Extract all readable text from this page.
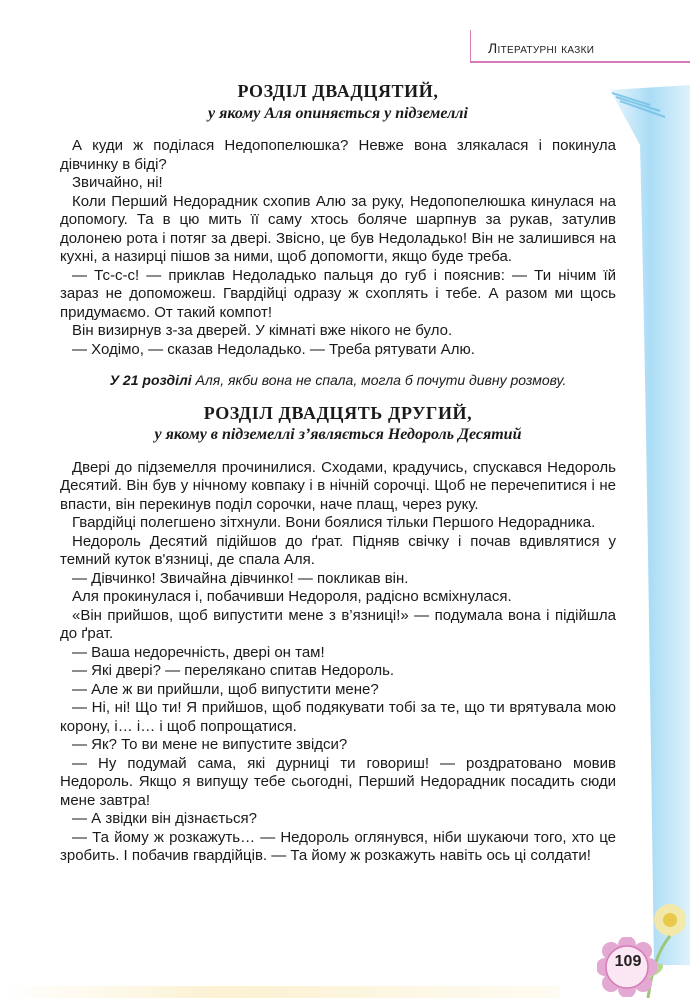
Літературні казки
РОЗДІЛ ДВАДЦЯТИЙ,
у якому Аля опиняється у підземеллі

А куди ж поділася Недопопелюшка? Невже вона злякалася і покинула дівчинку в біді?

Звичайно, ні!

Коли Перший Недорадник схопив Алю за руку, Недопопелюшка кинулася на допомогу. Та в цю мить її саму хтось боляче шарпнув за рукав, затулив долонею рота і потяг за двері. Звісно, це був Недоладько! Він не залишився на кухні, а назирці пішов за ними, щоб допомогти, якщо буде треба.

— Тс-с-с! — приклав Недоладько пальця до губ і пояснив: — Ти нічим їй зараз не допоможеш. Гвардійці одразу ж схоплять і тебе. А разом ми щось придумаємо. От такий компот!

Він визирнув з-за дверей. У кімнаті вже нікого не було.

— Ходімо, — сказав Недоладько. — Треба рятувати Алю.

У 21 розділі Аля, якби вона не спала, могла б почути дивну розмову.
РОЗДІЛ ДВАДЦЯТЬ ДРУГИЙ,
у якому в підземеллі з’являється Недороль Десятий

Двері до підземелля прочинилися. Сходами, крадучись, спускався Недороль Десятий. Він був у нічному ковпаку і в нічній сорочці. Щоб не перечепитися і не впасти, він перекинув поділ сорочки, наче плащ, через руку.

Гвардійці полегшено зітхнули. Вони боялися тільки Першого Недорадника.

Недороль Десятий підійшов до ґрат. Підняв свічку і почав вдивлятися у темний куток в'язниці, де спала Аля.

— Дівчинко! Звичайна дівчинко! — покликав він.

Аля прокинулася і, побачивши Недороля, радісно всміхнулася.

«Він прийшов, щоб випустити мене з в’язниці!» — подумала вона і підійшла до ґрат.

— Ваша недоречність, двері он там!

— Які двері? — перелякано спитав Недороль.

— Але ж ви прийшли, щоб випустити мене?

— Ні, ні! Що ти! Я прийшов, щоб подякувати тобі за те, що ти врятувала мою корону, і… і… і щоб попрощатися.

— Як? То ви мене не випустите звідси?

— Ну подумай сама, які дурниці ти говориш! — роздратовано мовив Недороль. Якщо я випущу тебе сьогодні, Перший Недорадник посадить сюди мене завтра!

— А звідки він дізнається?

— Та йому ж розкажуть… — Недороль оглянувся, ніби шукаючи того, хто це зробить. І побачив гвардійців. — Та йому ж розкажуть навіть ось ці солдати!

109
